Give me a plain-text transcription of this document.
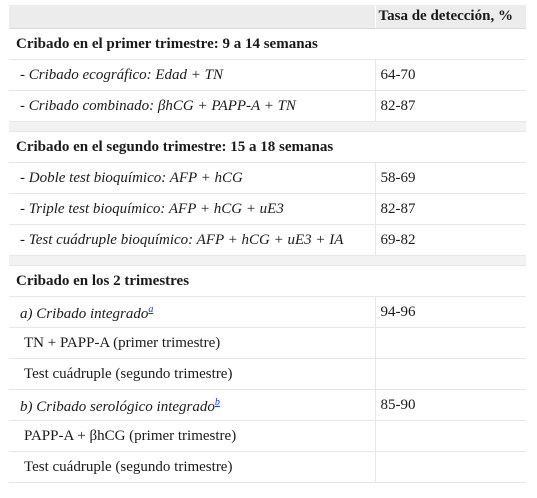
	Tasa de detección, %
Cribado en el primer trimestre: 9 a 14 semanas	
- Cribado ecográfico: Edad + TN	64-70
- Cribado combinado: βhCG + PAPP-A + TN	82-87

Cribado en el segundo trimestre: 15 a 18 semanas	
- Doble test bioquímico: AFP + hCG	58-69
- Triple test bioquímico: AFP + hCG + uE3	82-87
- Test cuádruple bioquímico: AFP + hCG + uE3 + IA	69-82

Cribado en los 2 trimestres	
a) Cribado integrado$^a$	94-96
TN + PAPP-A (primer trimestre)	
Test cuádruple (segundo trimestre)	
b) Cribado serológico integrado$^b$	85-90
PAPP-A + βhCG (primer trimestre)	
Test cuádruple (segundo trimestre)	
